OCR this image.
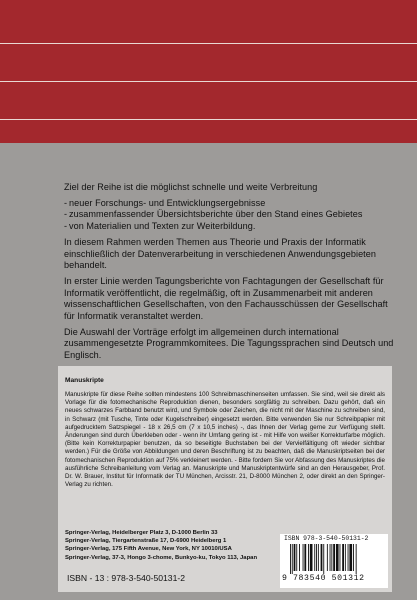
Ziel der Reihe ist die möglichst schnelle und weite Verbreitung

- neuer Forschungs- und Entwicklungsergebnisse
- zusammenfassender Übersichtsberichte über den Stand eines Gebietes
- von Materialien und Texten zur Weiterbildung.

In diesem Rahmen werden Themen aus Theorie und Praxis der Informatik einschließlich der Datenverarbeitung in verschiedenen Anwendungsgebieten behandelt.

In erster Linie werden Tagungsberichte von Fachtagungen der Gesellschaft für Informatik veröffentlicht, die regelmäßig, oft in Zusammenarbeit mit anderen wissenschaftlichen Gesellschaften, von den Fachausschüssen der Gesellschaft für Informatik veranstaltet werden.

Die Auswahl der Vorträge erfolgt im allgemeinen durch international zusammengesetzte Programmkomitees. Die Tagungssprachen sind Deutsch und Englisch.

Manuskripte
Manuskripte für diese Reihe sollten mindestens 100 Schreibmaschinenseiten umfassen. Sie sind, weil sie direkt als Vorlage für die fotomechanische Reproduktion dienen, besonders sorgfältig zu schreiben. Dazu gehört, daß ein neues schwarzes Farbband benutzt wird, und Symbole oder Zeichen, die nicht mit der Maschine zu schreiben sind, in Schwarz (mit Tusche, Tinte oder Kugelschreiber) eingesetzt werden. Bitte verwenden Sie nur Schreibpapier mit aufgedrucktem Satzspiegel - 18 x 26,5 cm (7 x 10,5 inches) -, das Ihnen der Verlag gerne zur Verfügung stellt. Änderungen sind durch Überkleben oder - wenn ihr Umfang gering ist - mit Hilfe von weißer Korrekturfarbe möglich. (Bitte kein Korrekturpapier benutzen, da so beseitigte Buchstaben bei der Vervielfältigung oft wieder sichtbar werden.) Für die Größe von Abbildungen und deren Beschriftung ist zu beachten, daß die Manuskriptseiten bei der fotomechanischen Reproduktion auf 75% verkleinert werden. - Bitte fordern Sie vor Abfassung des Manuskriptes die ausführliche Schreibanleitung vom Verlag an. Manuskripte und Manuskriptentwürfe sind an den Herausgeber, Prof. Dr. W. Brauer, Institut für Informatik der TU München, Arcisstr. 21, D-8000 München 2, oder direkt an den Springer-Verlag zu richten.
Springer-Verlag, Heidelberger Platz 3, D-1000 Berlin 33
Springer-Verlag, Tiergartenstraße 17, D-6900 Heidelberg 1
Springer-Verlag, 175 Fifth Avenue, New York, NY 10010/USA
Springer-Verlag, 37-3, Hongo 3-chome, Bunkyo-ku, Tokyo 113, Japan
ISBN - 13 : 978-3-540-50131-2
ISBN 978-3-540-50131-2
9 783540 501312
